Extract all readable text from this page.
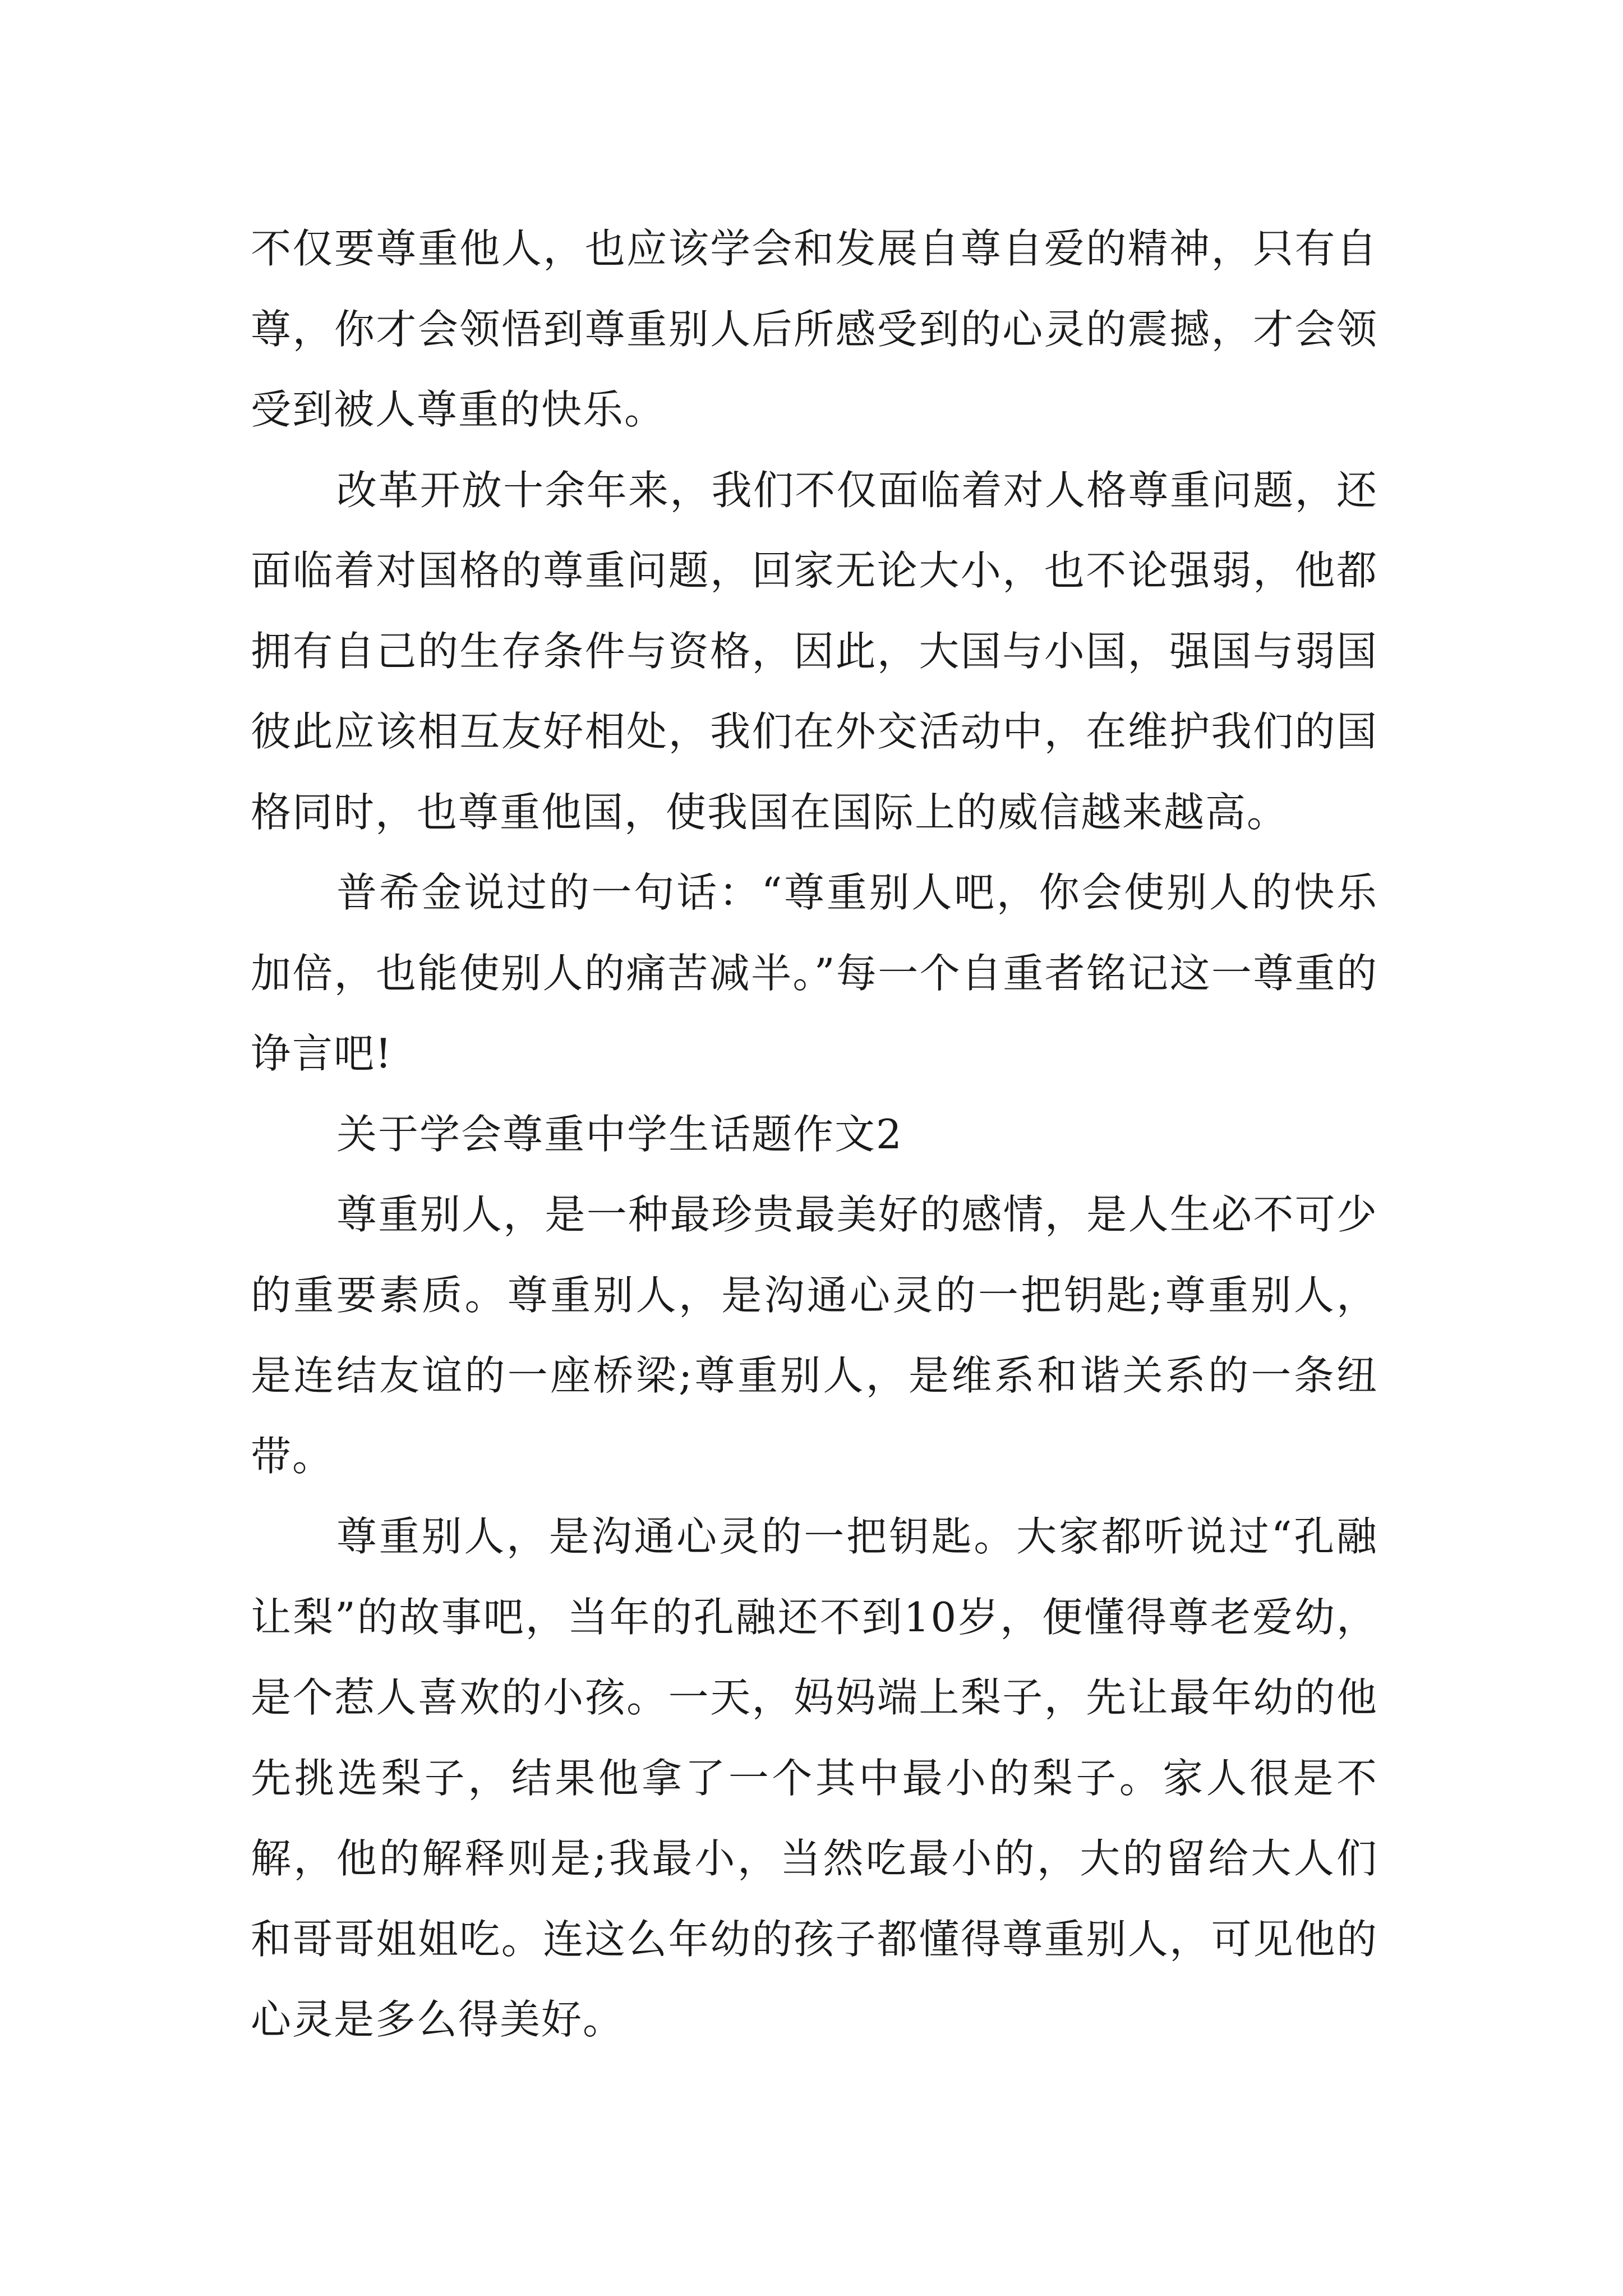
不仅要尊重他人，也应该学会和发展自尊自爱的精神，只有自尊，你才会领悟到尊重别人后所感受到的心灵的震撼，才会领受到被人尊重的快乐。

改革开放十余年来，我们不仅面临着对人格尊重问题，还面临着对国格的尊重问题，回家无论大小，也不论强弱，他都拥有自己的生存条件与资格，因此，大国与小国，强国与弱国彼此应该相互友好相处，我们在外交活动中，在维护我们的国格同时，也尊重他国，使我国在国际上的威信越来越高。

普希金说过的一句话：“尊重别人吧，你会使别人的快乐加倍，也能使别人的痛苦减半。”每一个自重者铭记这一尊重的诤言吧!

关于学会尊重中学生话题作文2

尊重别人，是一种最珍贵最美好的感情，是人生必不可少的重要素质。尊重别人，是沟通心灵的一把钥匙;尊重别人，是连结友谊的一座桥梁;尊重别人，是维系和谐关系的一条纽带。

尊重别人，是沟通心灵的一把钥匙。大家都听说过“孔融让梨”的故事吧，当年的孔融还不到10岁，便懂得尊老爱幼，是个惹人喜欢的小孩。一天，妈妈端上梨子，先让最年幼的他先挑选梨子，结果他拿了一个其中最小的梨子。家人很是不解，他的解释则是;我最小，当然吃最小的，大的留给大人们和哥哥姐姐吃。连这么年幼的孩子都懂得尊重别人，可见他的心灵是多么得美好。
